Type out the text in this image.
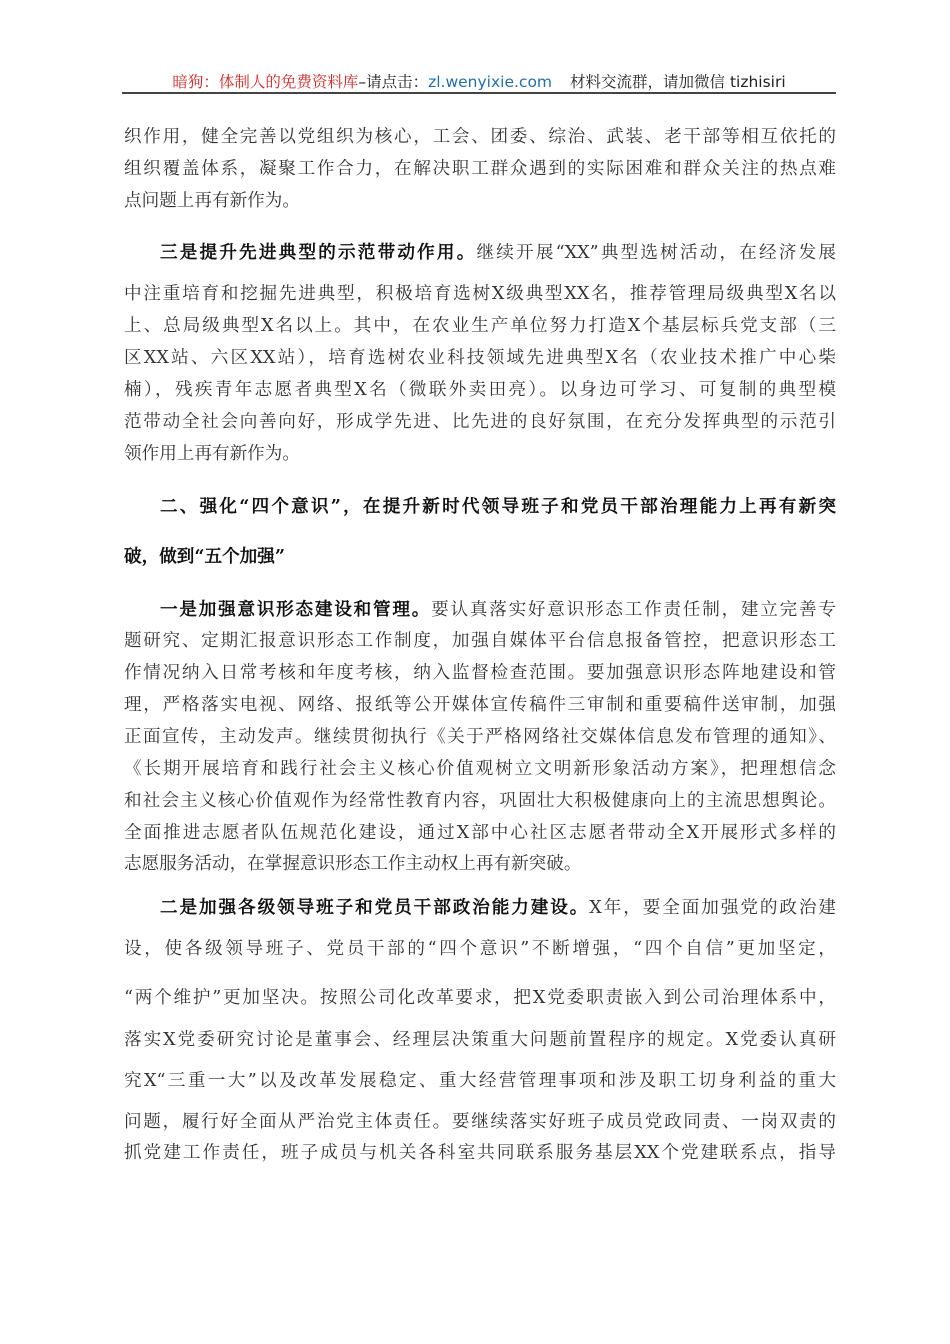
暗狗：体制人的免费资料库–请点击：zl.wenyixie.com 材料交流群，请加微信 tizhisiri
织作用，健全完善以党组织为核心，工会、团委、综治、武装、老干部等相互依托的
组织覆盖体系，凝聚工作合力，在解决职工群众遇到的实际困难和群众关注的热点难
点问题上再有新作为。
三是提升先进典型的示范带动作用。继续开展“XX”典型选树活动，在经济发展
中注重培育和挖掘先进典型，积极培育选树X级典型XX名，推荐管理局级典型X名以
上、总局级典型X名以上。其中，在农业生产单位努力打造X个基层标兵党支部（三
区XX站、六区XX站），培育选树农业科技领域先进典型X名（农业技术推广中心柴
楠），残疾青年志愿者典型X名（微联外卖田亮）。以身边可学习、可复制的典型模
范带动全社会向善向好，形成学先进、比先进的良好氛围，在充分发挥典型的示范引
领作用上再有新作为。
二、强化“四个意识”，在提升新时代领导班子和党员干部治理能力上再有新突
破，做到“五个加强”
一是加强意识形态建设和管理。要认真落实好意识形态工作责任制，建立完善专
题研究、定期汇报意识形态工作制度，加强自媒体平台信息报备管控，把意识形态工
作情况纳入日常考核和年度考核，纳入监督检查范围。要加强意识形态阵地建设和管
理，严格落实电视、网络、报纸等公开媒体宣传稿件三审制和重要稿件送审制，加强
正面宣传，主动发声。继续贯彻执行《关于严格网络社交媒体信息发布管理的通知》、
《长期开展培育和践行社会主义核心价值观树立文明新形象活动方案》，把理想信念
和社会主义核心价值观作为经常性教育内容，巩固壮大积极健康向上的主流思想舆论。
全面推进志愿者队伍规范化建设，通过X部中心社区志愿者带动全X开展形式多样的
志愿服务活动，在掌握意识形态工作主动权上再有新突破。
二是加强各级领导班子和党员干部政治能力建设。X年，要全面加强党的政治建
设，使各级领导班子、党员干部的“四个意识”不断增强，“四个自信”更加坚定，
“两个维护”更加坚决。按照公司化改革要求，把X党委职责嵌入到公司治理体系中，
落实X党委研究讨论是董事会、经理层决策重大问题前置程序的规定。X党委认真研
究X“三重一大”以及改革发展稳定、重大经营管理事项和涉及职工切身利益的重大
问题，履行好全面从严治党主体责任。要继续落实好班子成员党政同责、一岗双责的
抓党建工作责任，班子成员与机关各科室共同联系服务基层XX个党建联系点，指导
